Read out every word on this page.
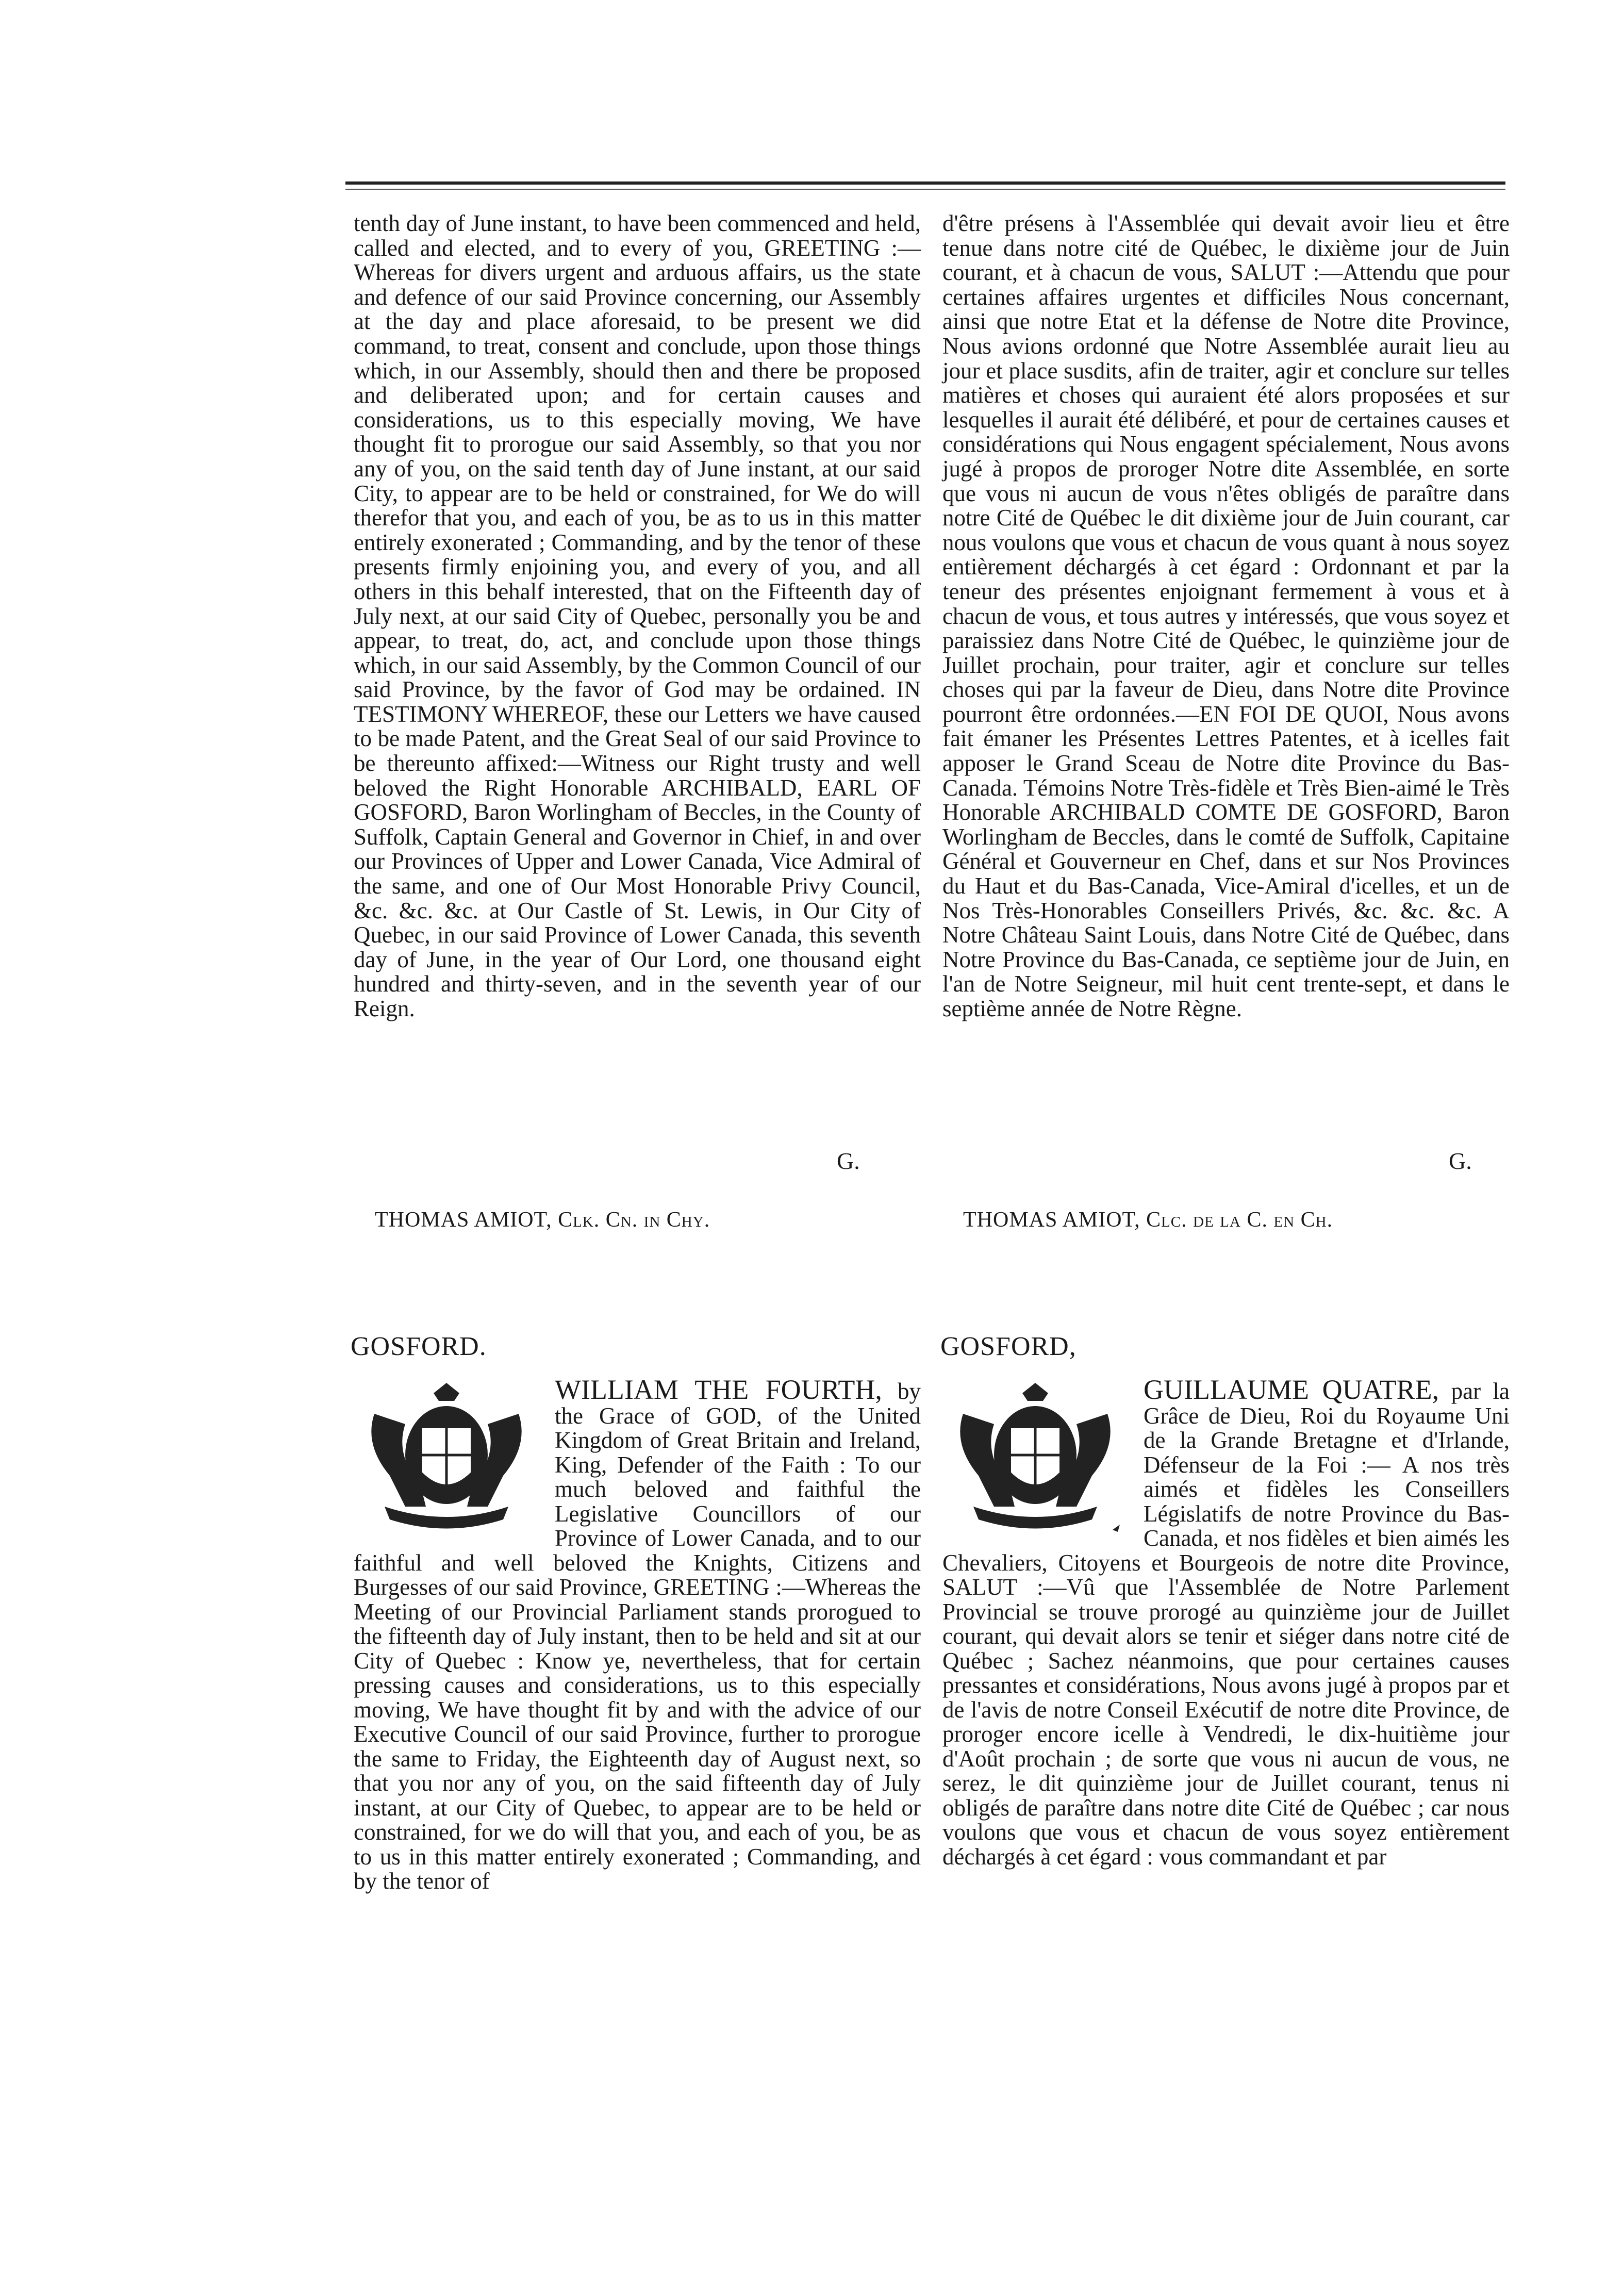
tenth day of June instant, to have been commenced and held, called and elected, and to every of you, GREETING :—Whereas for divers urgent and arduous affairs, us the state and defence of our said Province concerning, our Assembly at the day and place aforesaid, to be present we did command, to treat, consent and conclude, upon those things which, in our Assembly, should then and there be proposed and deliberated upon; and for certain causes and considerations, us to this especially moving, We have thought fit to prorogue our said Assembly, so that you nor any of you, on the said tenth day of June instant, at our said City, to appear are to be held or constrained, for We do will therefor that you, and each of you, be as to us in this matter entirely exonerated ; Commanding, and by the tenor of these presents firmly enjoining you, and every of you, and all others in this behalf interested, that on the Fifteenth day of July next, at our said City of Quebec, personally you be and appear, to treat, do, act, and conclude upon those things which, in our said Assembly, by the Common Council of our said Province, by the favor of God may be ordained. IN TESTIMONY WHEREOF, these our Letters we have caused to be made Patent, and the Great Seal of our said Province to be thereunto affixed:—Witness our Right trusty and well beloved the Right Honorable ARCHIBALD, EARL OF GOSFORD, Baron Worlingham of Beccles, in the County of Suffolk, Captain General and Governor in Chief, in and over our Provinces of Upper and Lower Canada, Vice Admiral of the same, and one of Our Most Honorable Privy Council, &c. &c. &c. at Our Castle of St. Lewis, in Our City of Quebec, in our said Province of Lower Canada, this seventh day of June, in the year of Our Lord, one thousand eight hundred and thirty-seven, and in the seventh year of our Reign.

d'être présens à l'Assemblée qui devait avoir lieu et être tenue dans notre cité de Québec, le dixième jour de Juin courant, et à chacun de vous, SALUT :—Attendu que pour certaines affaires urgentes et difficiles Nous concernant, ainsi que notre Etat et la défense de Notre dite Province, Nous avions ordonné que Notre Assemblée aurait lieu au jour et place susdits, afin de traiter, agir et conclure sur telles matières et choses qui auraient été alors proposées et sur lesquelles il aurait été délibéré, et pour de certaines causes et considérations qui Nous engagent spécialement, Nous avons jugé à propos de proroger Notre dite Assemblée, en sorte que vous ni aucun de vous n'êtes obligés de paraître dans notre Cité de Québec le dit dixième jour de Juin courant, car nous voulons que vous et chacun de vous quant à nous soyez entièrement déchargés à cet égard : Ordonnant et par la teneur des présentes enjoignant fermement à vous et à chacun de vous, et tous autres y intéressés, que vous soyez et paraissiez dans Notre Cité de Québec, le quinzième jour de Juillet prochain, pour traiter, agir et conclure sur telles choses qui par la faveur de Dieu, dans Notre dite Province pourront être ordonnées.—EN FOI DE QUOI, Nous avons fait émaner les Présentes Lettres Patentes, et à icelles fait apposer le Grand Sceau de Notre dite Province du Bas-Canada. Témoins Notre Très-fidèle et Très Bien-aimé le Très Honorable ARCHIBALD COMTE DE GOSFORD, Baron Worlingham de Beccles, dans le comté de Suffolk, Capitaine Général et Gouverneur en Chef, dans et sur Nos Provinces du Haut et du Bas-Canada, Vice-Amiral d'icelles, et un de Nos Très-Honorables Conseillers Privés, &c. &c. &c. A Notre Château Saint Louis, dans Notre Cité de Québec, dans Notre Province du Bas-Canada, ce septième jour de Juin, en l'an de Notre Seigneur, mil huit cent trente-sept, et dans le septième année de Notre Règne.

G.	G.
THOMAS AMIOT, Clk. Cn. in Chy.	THOMAS AMIOT, Clc. de la C. en Ch.
GOSFORD.	GOSFORD,
WILLIAM THE FOURTH, by the Grace of GOD, of the United Kingdom of Great Britain and Ireland, King, Defender of the Faith : To our much beloved and faithful the Legislative Councillors of our Province of Lower Canada, and to our faithful and well beloved the Knights, Citizens and Burgesses of our said Province, GREETING :—Whereas the Meeting of our Provincial Parliament stands prorogued to the fifteenth day of July instant, then to be held and sit at our City of Quebec : Know ye, nevertheless, that for certain pressing causes and considerations, us to this especially moving, We have thought fit by and with the advice of our Executive Council of our said Province, further to prorogue the same to Friday, the Eighteenth day of August next, so that you nor any of you, on the said fifteenth day of July instant, at our City of Quebec, to appear are to be held or constrained, for we do will that you, and each of you, be as to us in this matter entirely exonerated ; Commanding, and by the tenor of
GUILLAUME QUATRE, par la Grâce de Dieu, Roi du Royaume Uni de la Grande Bretagne et d'Irlande, Défenseur de la Foi :— A nos très aimés et fidèles les Conseillers Législatifs de notre Province du Bas-Canada, et nos fidèles et bien aimés les Chevaliers, Citoyens et Bourgeois de notre dite Province, SALUT :—Vû que l'Assemblée de Notre Parlement Provincial se trouve prorogé au quinzième jour de Juillet courant, qui devait alors se tenir et siéger dans notre cité de Québec ; Sachez néanmoins, que pour certaines causes pressantes et considérations, Nous avons jugé à propos par et de l'avis de notre Conseil Exécutif de notre dite Province, de proroger encore icelle à Vendredi, le dix-huitième jour d'Août prochain ; de sorte que vous ni aucun de vous, ne serez, le dit quinzième jour de Juillet courant, tenus ni obligés de paraître dans notre dite Cité de Québec ; car nous voulons que vous et chacun de vous soyez entièrement déchargés à cet égard : vous commandant et par
